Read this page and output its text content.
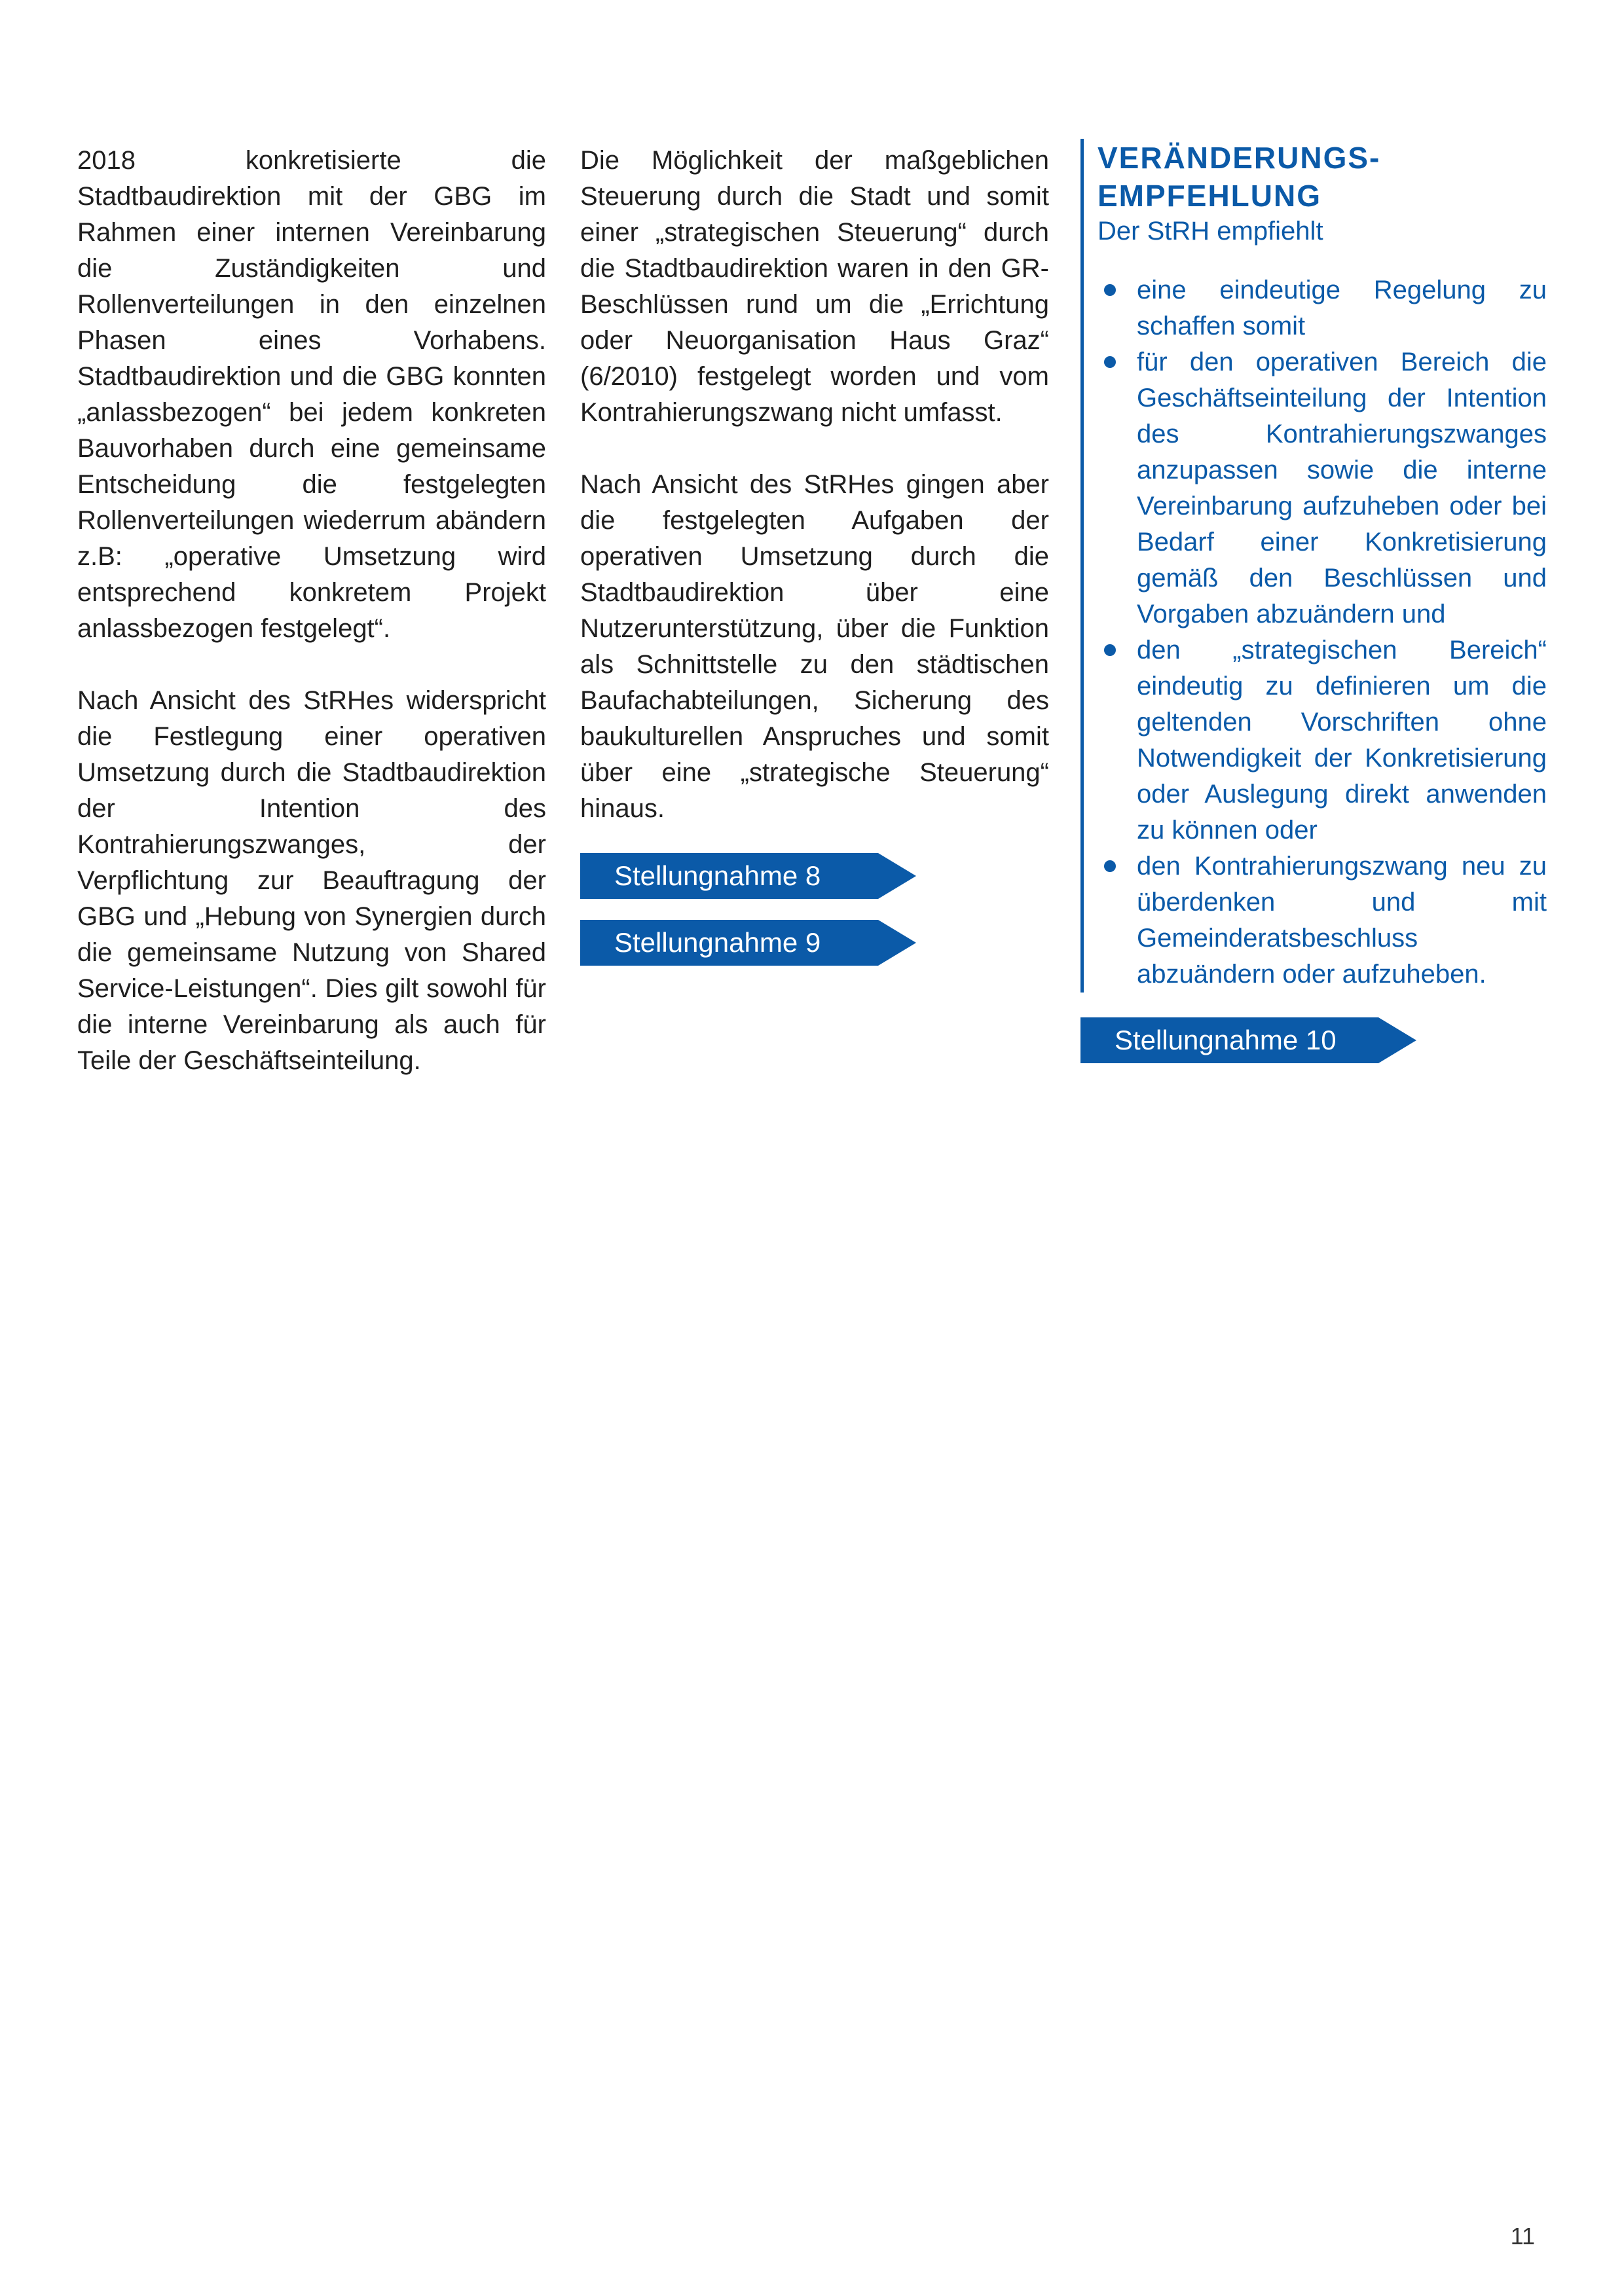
2018 konkretisierte die Stadtbaudirektion mit der GBG im Rahmen einer internen Vereinbarung die Zuständigkeiten und Rollenverteilungen in den einzelnen Phasen eines Vorhabens. Stadtbaudirektion und die GBG konnten „anlassbezogen“ bei jedem konkreten Bauvorhaben durch eine gemeinsame Entscheidung die festgelegten Rollenverteilungen wiederrum abändern z.B: „operative Umsetzung wird entsprechend konkretem Projekt anlassbezogen festgelegt“.

Nach Ansicht des StRHes widerspricht die Festlegung einer operativen Umsetzung durch die Stadtbaudirektion der Intention des Kontrahierungszwanges, der Verpflichtung zur Beauftragung der GBG und „Hebung von Synergien durch die gemeinsame Nutzung von Shared Service-Leistungen“. Dies gilt sowohl für die interne Vereinbarung als auch für Teile der Geschäftseinteilung.

Die Möglichkeit der maßgeblichen Steuerung durch die Stadt und somit einer „strategischen Steuerung“ durch die Stadtbaudirektion waren in den GR-Beschlüssen rund um die „Errichtung oder Neuorganisation Haus Graz“ (6/2010) festgelegt worden und vom Kontrahierungszwang nicht umfasst.

Nach Ansicht des StRHes gingen aber die festgelegten Aufgaben der operativen Umsetzung durch die Stadtbaudirektion über eine Nutzerunterstützung, über die Funktion als Schnittstelle zu den städtischen Baufachabteilungen, Sicherung des baukulturellen Anspruches und somit über eine „strategische Steuerung“ hinaus.

Stellungnahme 8
Stellungnahme 9
VERÄNDERUNGS-
EMPFEHLUNG

Der StRH empfiehlt

eine eindeutige Regelung zu schaffen somit
für den operativen Bereich die Geschäftseinteilung der Intention des Kontrahierungszwanges anzupassen sowie die interne Vereinbarung aufzuheben oder bei Bedarf einer Konkretisierung gemäß den Beschlüssen und Vorgaben abzuändern und
den „strategischen Bereich“ eindeutig zu definieren um die geltenden Vorschriften ohne Notwendigkeit der Konkretisierung oder Auslegung direkt anwenden zu können oder
den Kontrahierungszwang neu zu überdenken und mit Gemeinderatsbeschluss abzuändern oder aufzuheben.
Stellungnahme 10
11
